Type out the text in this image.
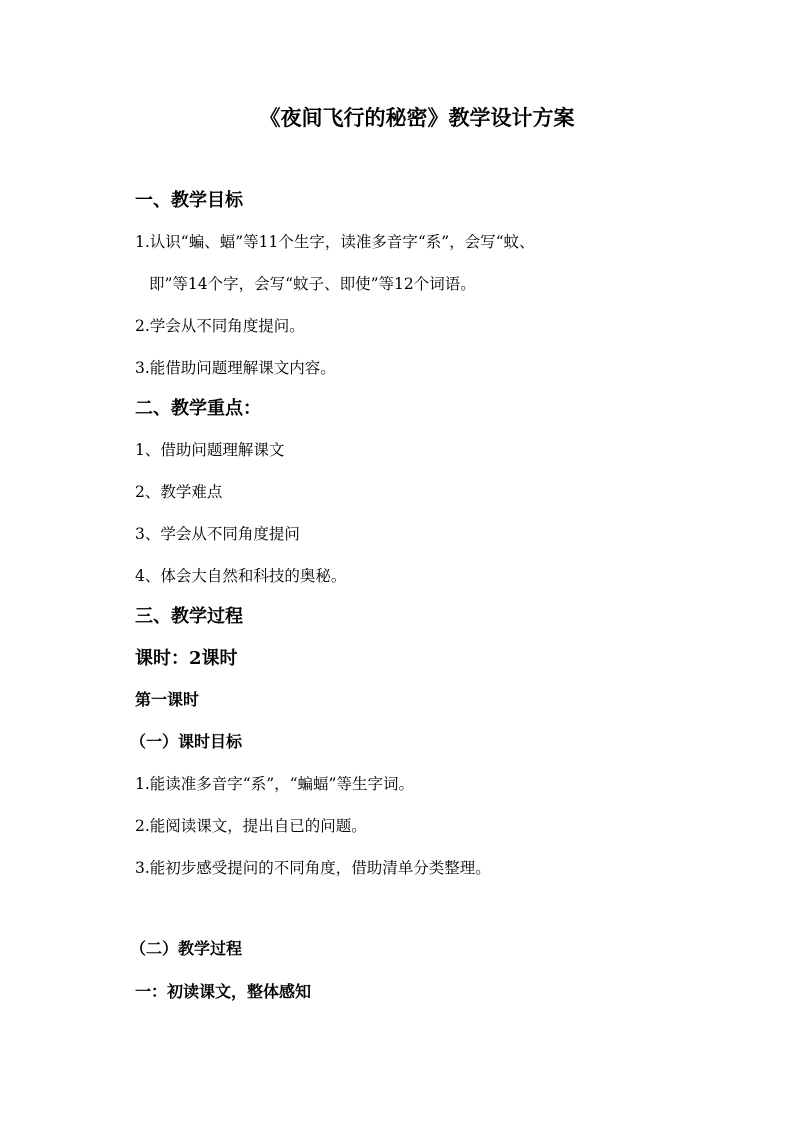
《夜间飞行的秘密》教学设计方案
一、教学目标
1.认识“蝙、蝠”等11个生字，读准多音字“系”，会写“蚊、
即”等14个字，会写“蚊子、即使”等12个词语。
2.学会从不同角度提问。
3.能借助问题理解课文内容。
二、教学重点：
1、借助问题理解课文
2、教学难点
3、学会从不同角度提问
4、体会大自然和科技的奥秘。
三、教学过程
课时：2课时
第一课时
（一）课时目标
1.能读准多音字“系”，“蝙蝠”等生字词。
2.能阅读课文，提出自已的问题。
3.能初步感受提问的不同角度，借助清单分类整理。
（二）教学过程
一：初读课文，整体感知
